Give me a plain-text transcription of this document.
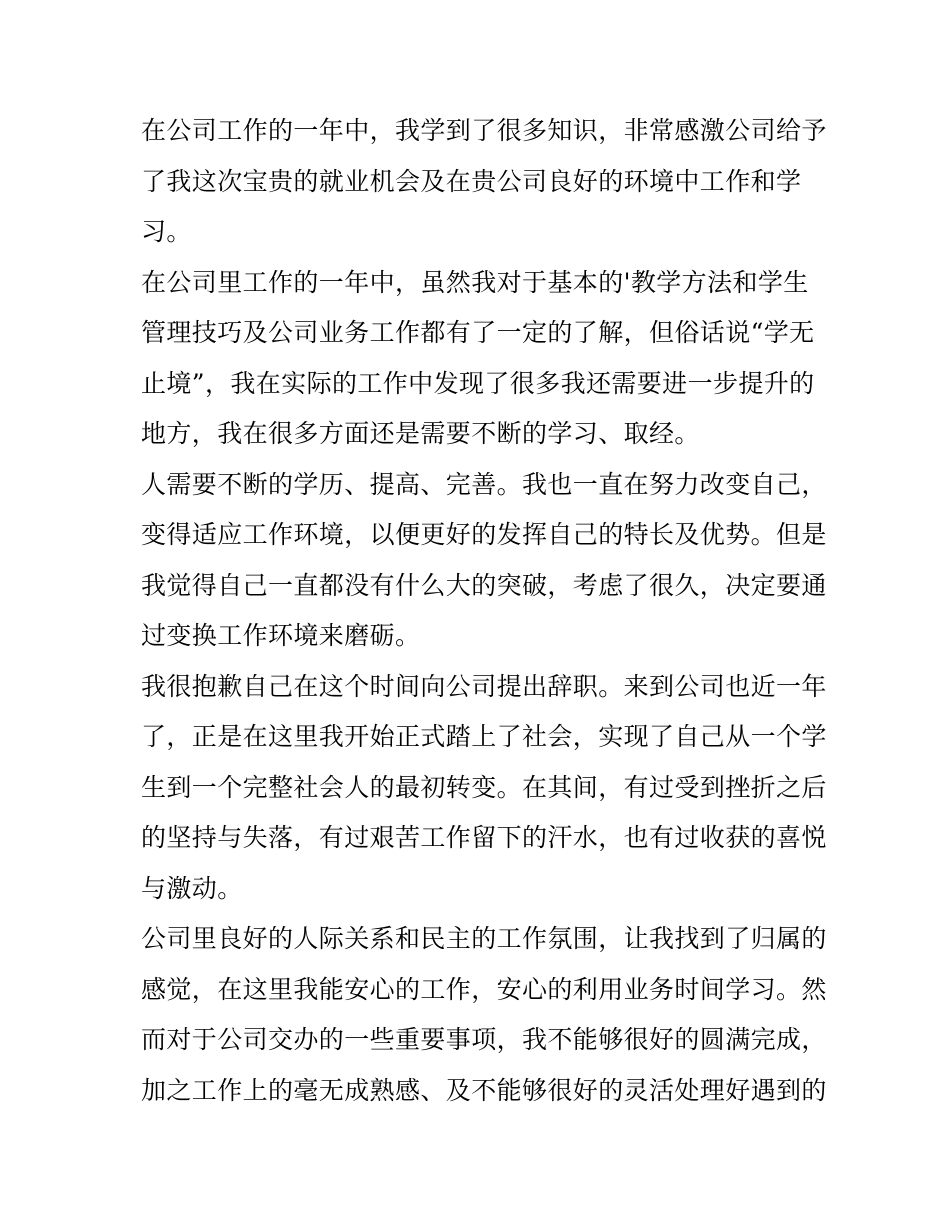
在公司工作的一年中，我学到了很多知识，非常感激公司给予
了我这次宝贵的就业机会及在贵公司良好的环境中工作和学
习。
在公司里工作的一年中，虽然我对于基本的'教学方法和学生
管理技巧及公司业务工作都有了一定的了解，但俗话说“学无
止境”，我在实际的工作中发现了很多我还需要进一步提升的
地方，我在很多方面还是需要不断的学习、取经。
人需要不断的学历、提高、完善。我也一直在努力改变自己，
变得适应工作环境，以便更好的发挥自己的特长及优势。但是
我觉得自己一直都没有什么大的突破，考虑了很久，决定要通
过变换工作环境来磨砺。
我很抱歉自己在这个时间向公司提出辞职。来到公司也近一年
了，正是在这里我开始正式踏上了社会，实现了自己从一个学
生到一个完整社会人的最初转变。在其间，有过受到挫折之后
的坚持与失落，有过艰苦工作留下的汗水，也有过收获的喜悦
与激动。
公司里良好的人际关系和民主的工作氛围，让我找到了归属的
感觉，在这里我能安心的工作，安心的利用业务时间学习。然
而对于公司交办的一些重要事项，我不能够很好的圆满完成，
加之工作上的毫无成熟感、及不能够很好的灵活处理好遇到的
